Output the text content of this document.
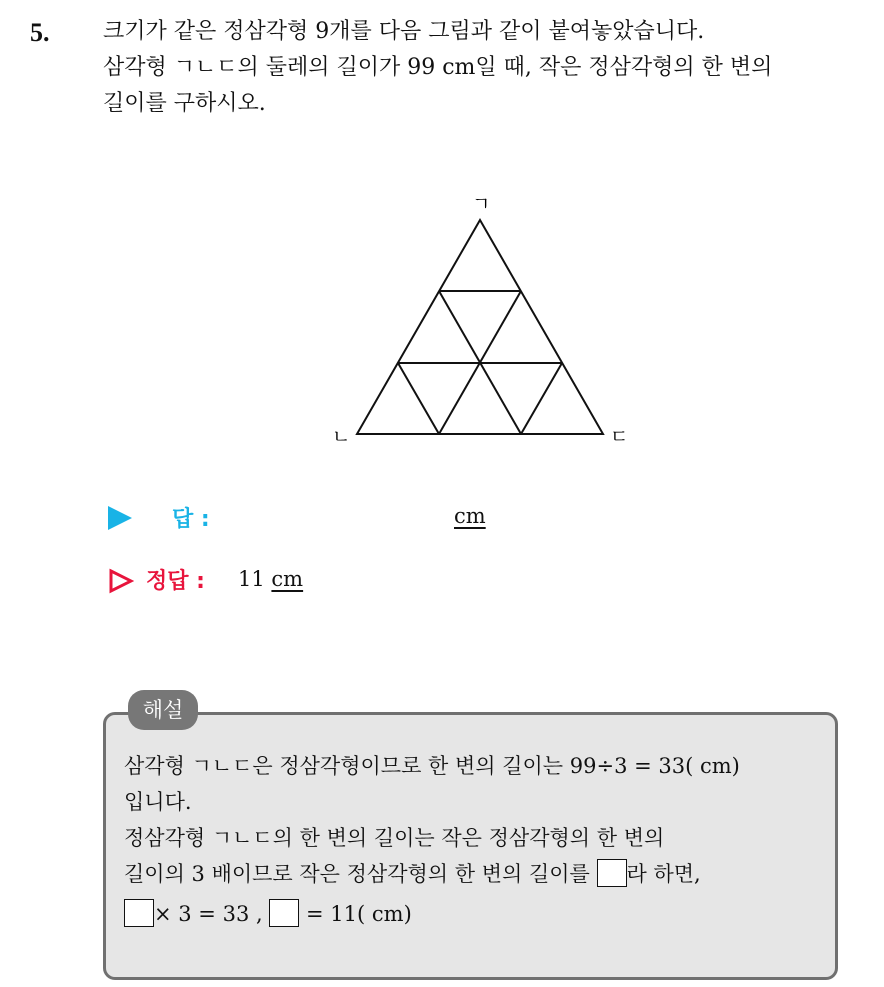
5. 크기가 같은 정삼각형 9개를 다음 그림과 같이 붙여놓았습니다.
삼각형 ㄱㄴㄷ의 둘레의 길이가 99 cm일 때, 작은 정삼각형의 한 변의
길이를 구하시오.
ㄱ
ㄴ	ㄷ
답 :	cm
정답 : 11 cm
해설
삼각형 ㄱㄴㄷ은 정삼각형이므로 한 변의 길이는 99÷3 = 33( cm)
입니다.
정삼각형 ㄱㄴㄷ의 한 변의 길이는 작은 정삼각형의 한 변의
길이의 3 배이므로 작은 정삼각형의 한 변의 길이를 라 하면,
× 3 = 33 , = 11( cm)
